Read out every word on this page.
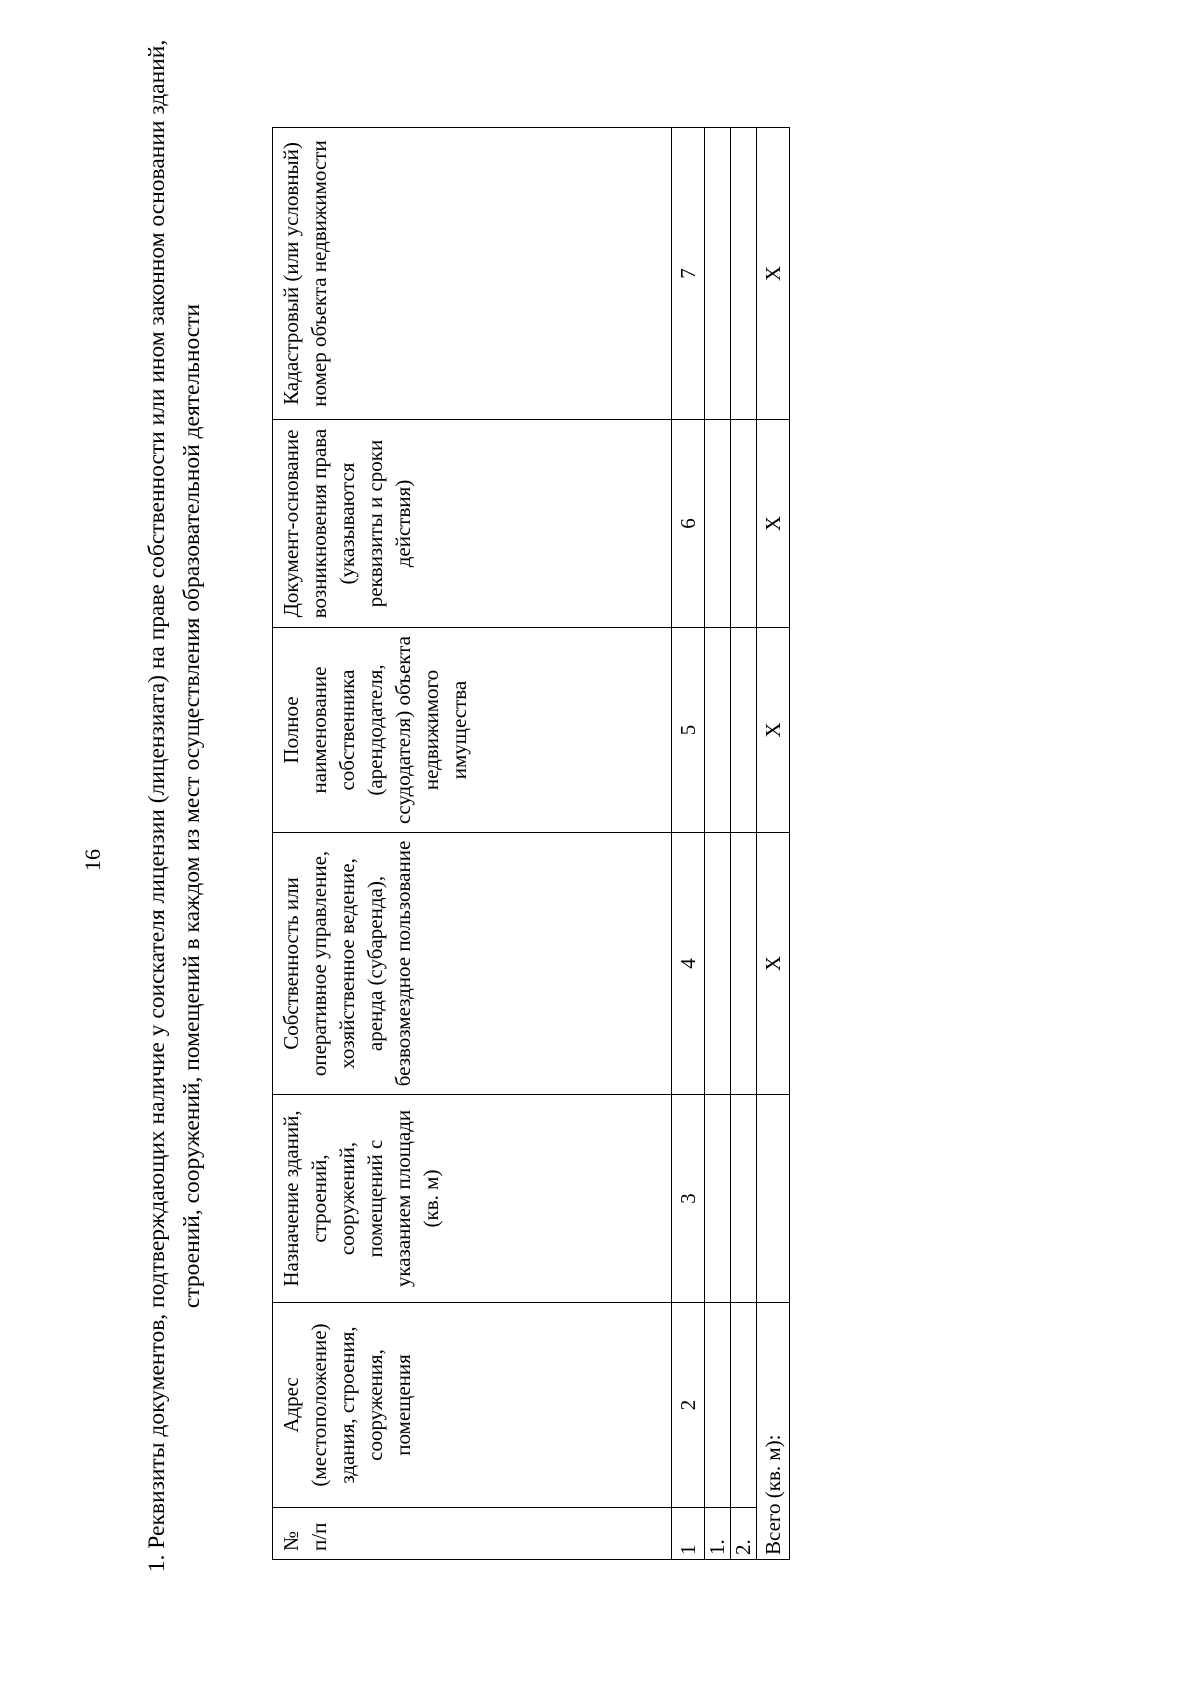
16 1. Реквизиты документов, подтверждающих наличие у соискателя лицензии (лицензиата) на праве собственности или ином законном основании зданий, строений, сооружений, помещений в каждом из мест осуществления образовательной деятельности
№ п/п	Адрес (местоположение) здания, строения, сооружения, помещения	Назначение зданий, строений, сооружений, помещений с указанием площади (кв. м)	Собственность или оперативное управление, хозяйственное ведение, аренда (субаренда), безвозмездное пользование	Полное наименование собственника (арендодателя, ссудодателя) объекта недвижимого имущества	Документ-основание возникновения права (указываются реквизиты и сроки действия)	Кадастровый (или условный) номер объекта недвижимости
1	2	3	4	5	6	7
1.						
2.						
Всего (кв. м):			X	X	X	X
